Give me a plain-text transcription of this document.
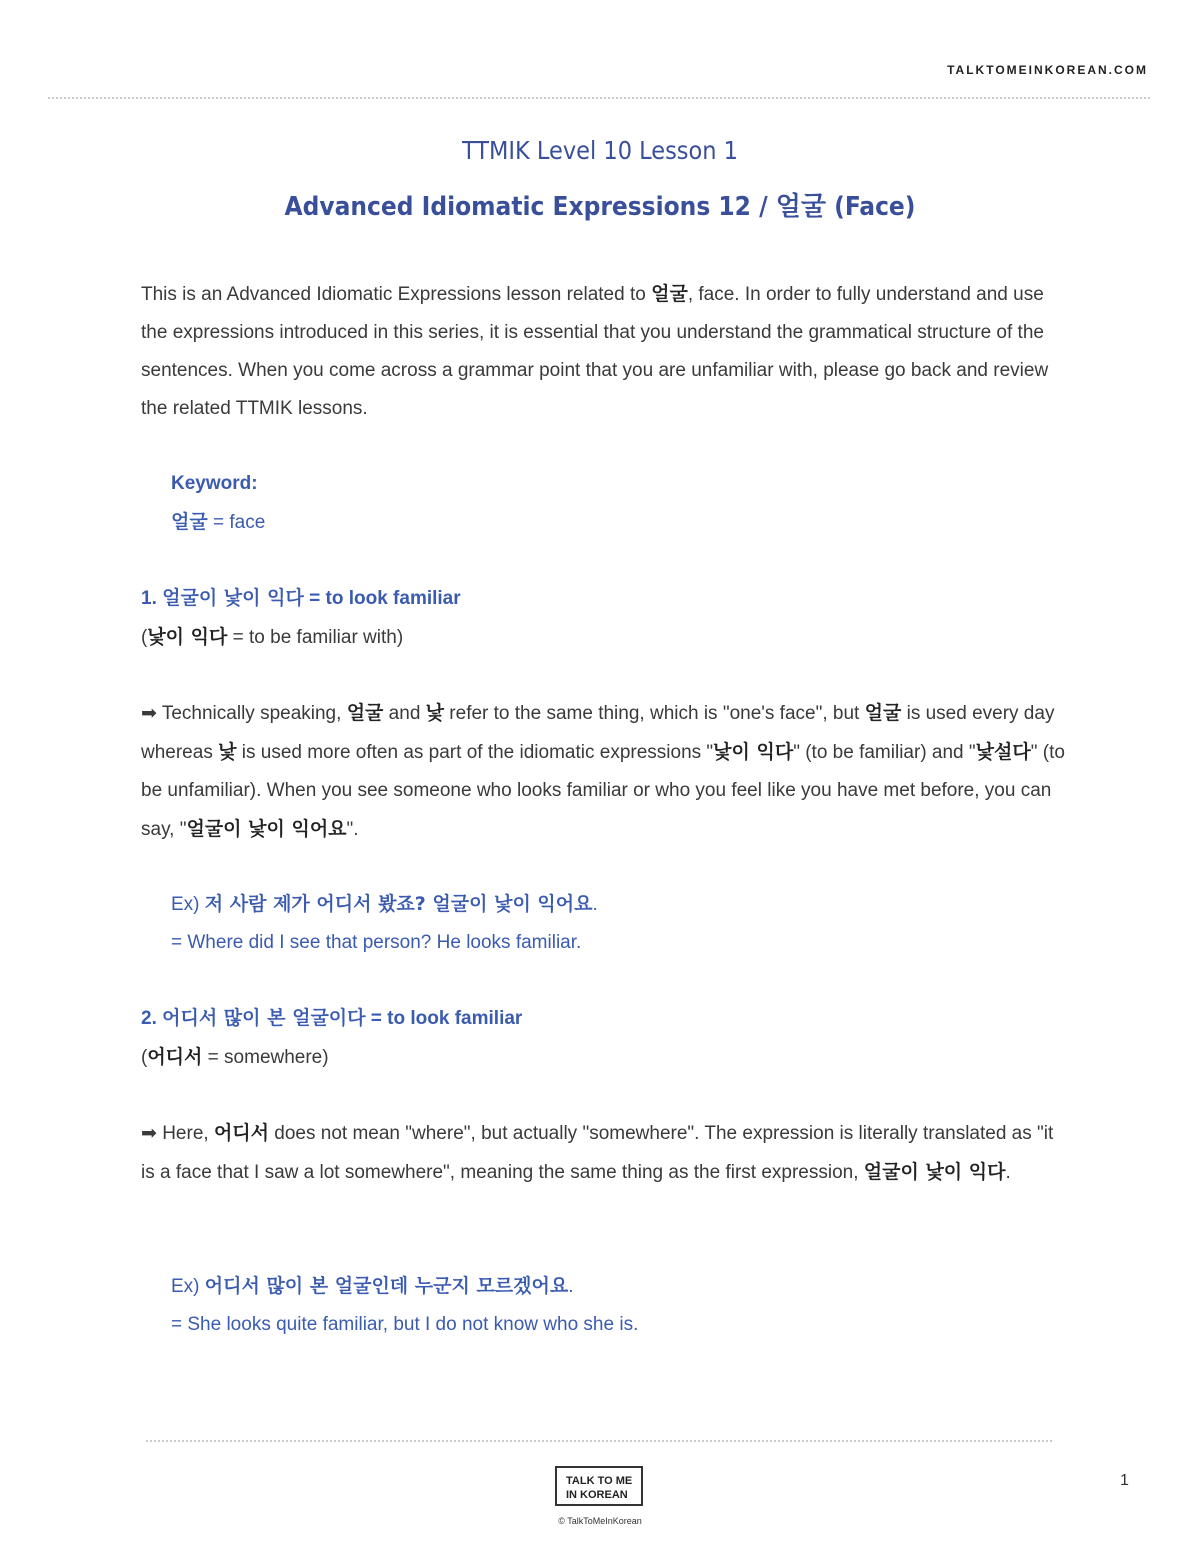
TALKTOMEINKOREAN.COM
TTMIK Level 10 Lesson 1
Advanced Idiomatic Expressions 12 / 얼굴 (Face)

This is an Advanced Idiomatic Expressions lesson related to 얼굴, face. In order to fully understand and use the expressions introduced in this series, it is essential that you understand the grammatical structure of the sentences. When you come across a grammar point that you are unfamiliar with, please go back and review the related TTMIK lessons.

Keyword:

얼굴 = face

1. 얼굴이 낯이 익다 = to look familiar

(낯이 익다 = to be familiar with)

➡ Technically speaking, 얼굴 and 낯 refer to the same thing, which is "one's face", but 얼굴 is used every day whereas 낯 is used more often as part of the idiomatic expressions "낯이 익다" (to be familiar) and "낯설다" (to be unfamiliar). When you see someone who looks familiar or who you feel like you have met before, you can say, "얼굴이 낯이 익어요".

Ex) 저 사람 제가 어디서 봤죠? 얼굴이 낯이 익어요.

= Where did I see that person? He looks familiar.

2. 어디서 많이 본 얼굴이다 = to look familiar

(어디서 = somewhere)

➡ Here, 어디서 does not mean "where", but actually "somewhere". The expression is literally translated as "it is a face that I saw a lot somewhere", meaning the same thing as the first expression, 얼굴이 낯이 익다.

Ex) 어디서 많이 본 얼굴인데 누군지 모르겠어요.

= She looks quite familiar, but I do not know who she is.

TALK TO ME
IN KOREAN
© TalkToMeInKorean
1
